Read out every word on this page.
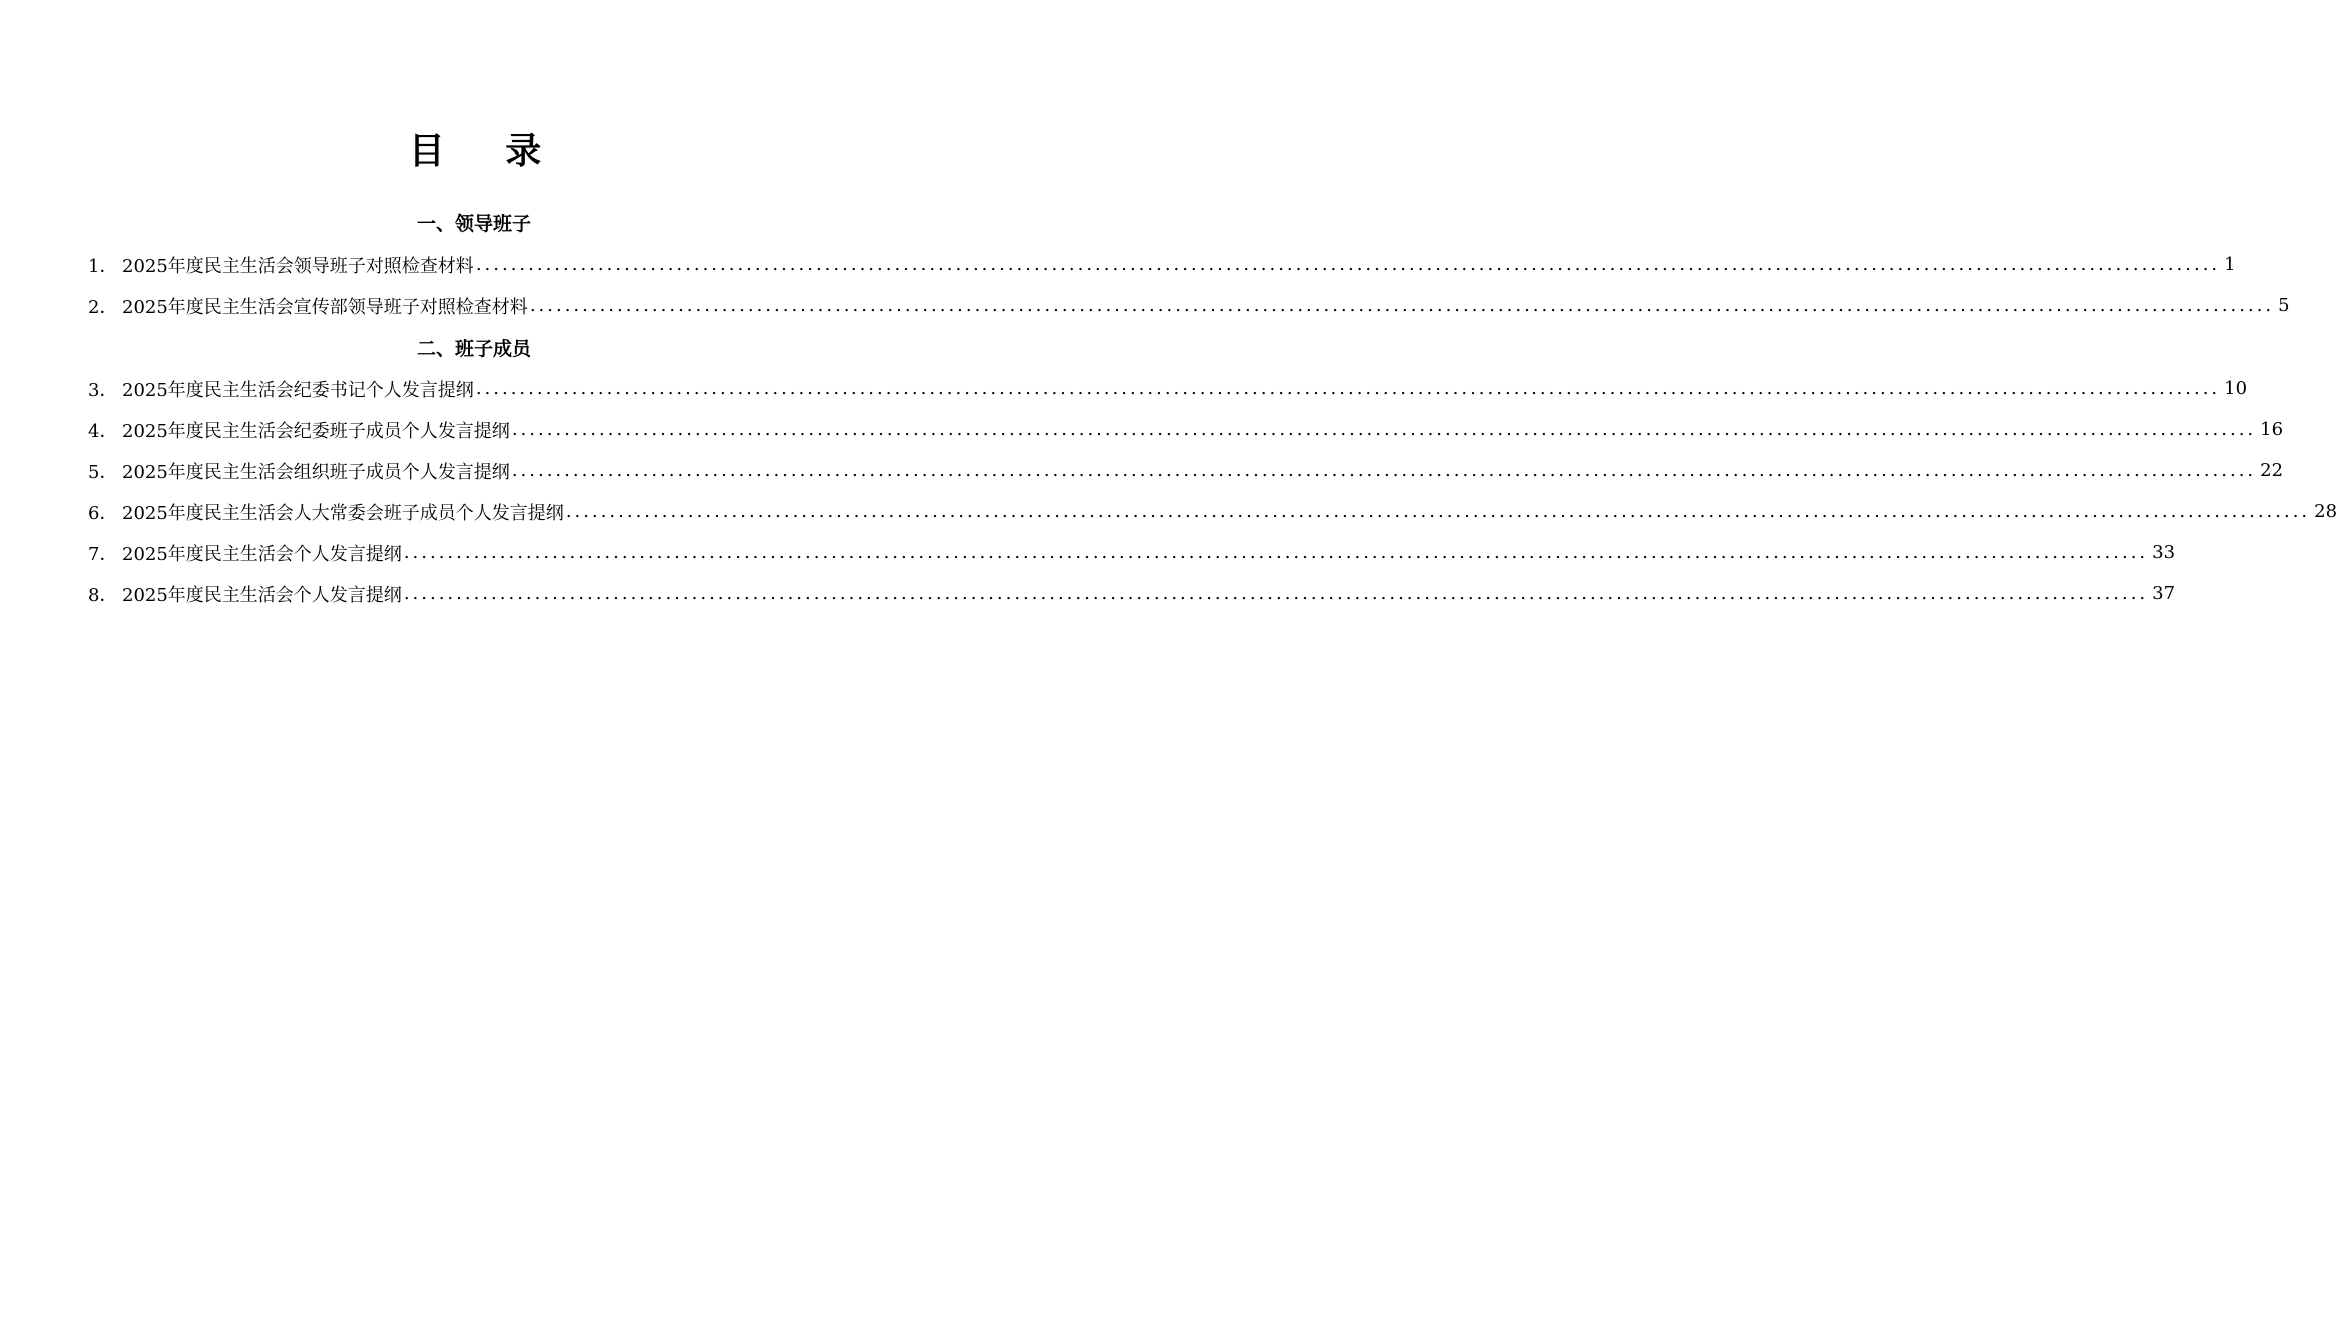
目 录
一、领导班子
1． 2025年度民主生活会领导班子对照检查材料 ........................................................................................................................................................................................................ 1
2． 2025年度民主生活会宣传部领导班子对照检查材料 ........................................................................................................................................................................................................ 5
二、班子成员
3． 2025年度民主生活会纪委书记个人发言提纲 ........................................................................................................................................................................................................ 10
4． 2025年度民主生活会纪委班子成员个人发言提纲 ........................................................................................................................................................................................................ 16
5． 2025年度民主生活会组织班子成员个人发言提纲 ........................................................................................................................................................................................................ 22
6． 2025年度民主生活会人大常委会班子成员个人发言提纲 ........................................................................................................................................................................................................ 28
7． 2025年度民主生活会个人发言提纲 ........................................................................................................................................................................................................ 33
8． 2025年度民主生活会个人发言提纲 ........................................................................................................................................................................................................ 37
